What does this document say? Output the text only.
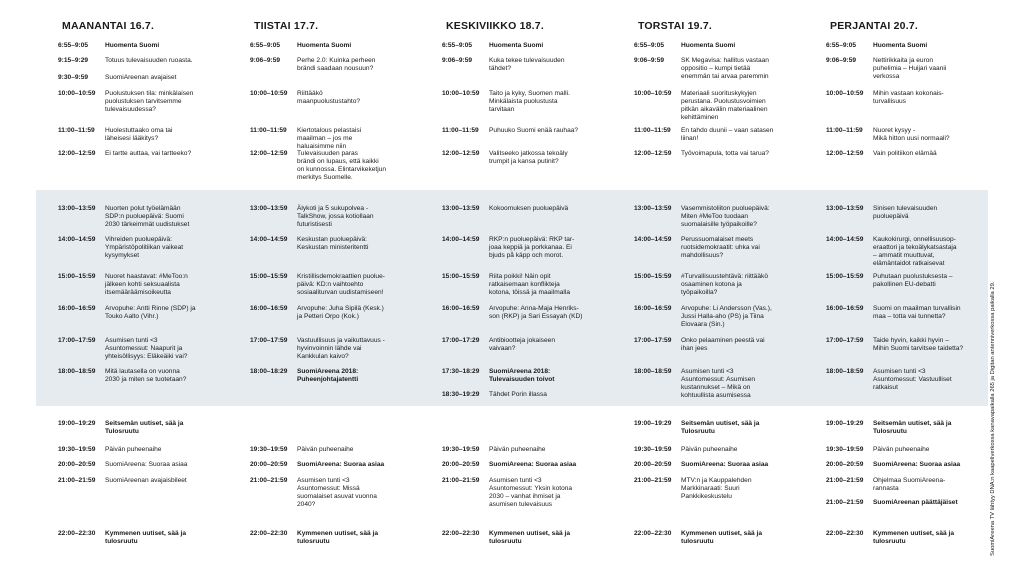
MAANANTAI 16.7.
6:55–9:05	Huomenta Suomi
9:15–9:29	Totuus tulevaisuuden ruoasta.
9:30–9:59	SuomiAreenan avajaiset
10:00–10:59 Puolustuksen tila: minkälaisen
puolustuksen tarvitsemme
tulevaisuudessa?
11:00–11:59 Huolestuttaako oma tai
läheisesi lääkitys?
12:00–12:59 Ei tartte auttaa, vai tartteeko?
13:00–13:59 Nuorten polut työelämään
SDP:n puoluepäivä: Suomi
2030 tärkeimmät uudistukset
14:00–14:59 Vihreiden puoluepäivä:
Ympäristöpolitiikan vaikeat
kysymykset
15:00–15:59 Nuoret haastavat: #MeToo:n
jälkeen kohti seksuaalista
itsemääräämisoikeutta
16:00–16:59 Arvopuhe: Antti Rinne (SDP) ja
Touko Aalto (Vihr.)
17:00–17:59 Asumisen tunti <3
Asuntomessut: Naapurit ja
yhteisöllisyys: Eläkeäiki vai?
18:00–18:59 Mitä lautasella on vuonna
2030 ja miten se tuotetaan?
19:00–19:29 Seitsemän uutiset, sää ja
Tulosruutu
19:30–19:59 Päivän puheenaihe
20:00–20:59 SuomiAreena: Suoraa asiaa
21:00–21:59 SuomiAreenan avajaisbileet
22:00–22:30 Kymmenen uutiset, sää ja
tulosruutu
TIISTAI 17.7.
6:55–9:05	Huomenta Suomi
9:06–9:59	Perhe 2.0: Kuinka perheen
brändi saadaan nousuun?
10:00–10:59 Riittääkö
maanpuolustustahto?
11:00–11:59 Kiertotalous pelastaisi
maailman – jos me
haluaisimme niin
12:00–12:59 Tulevaisuuden paras
brändi on lupaus, että kaikki
on kunnossa. Elintarvikeketjun
merkitys Suomelle.
13:00–13:59 Älykoti ja 5 sukupolvea -
TalkShow, jossa kotiollaan
futuristisesti
14:00–14:59 Keskustan puoluepäivä:
Keskustan ministeritentti
15:00–15:59 Kristillisdemokraattien puolue-
päivä: KD:n vaihtoehto
sosiaaliturvan uudistamiseen!
16:00–16:59 Arvopuhe: Juha Sipilä (Kesk.)
ja Petteri Orpo (Kok.)
17:00–17:59 Vastuullisuus ja vaikuttavuus -
hyvinvoinnin lähde vai
Kankkulan kaivo?
18:00–18:29 SuomiAreena 2018:
Puheenjohtajatentti
19:30–19:59 Päivän puheenaihe
20:00–20:59 SuomiAreena: Suoraa asiaa
21:00–21:59 Asumisen tunti <3
Asuntomessut: Missä
suomalaiset asuvat vuonna
2040?
22:00–22:30 Kymmenen uutiset, sää ja
tulosruutu
KESKIVIIKKO 18.7.
6:55–9:05	Huomenta Suomi
9:06–9:59	Kuka tekee tulevaisuuden
tähdet?
10:00–10:59 Taito ja kyky, Suomen malli.
Minkälaista puolustusta
tarvitaan
11:00–11:59 Puhuuko Suomi enää rauhaa?
12:00–12:59 Valitseeko jatkossa tekoäly
trumpit ja kansa putinit?
13:00–13:59 Kokoomuksen puoluepäivä
14:00–14:59 RKP:n puoluepäivä: RKP tar-
joaa keppiä ja porkkanaa. Ei
bjuds på käpp och morot.
15:00–15:59 Riita poikki! Näin opit
ratkaisemaan konflikteja
kotona, töissä ja maailmalla
16:00–16:59 Arvopuhe: Anna-Maja Henriks-
son (RKP) ja Sari Essayah (KD)
17:00–17:29 Antibiootteja jokaiseen
vaivaan?
17:30–18:29 SuomiAreena 2018:
Tulevaisuuden toivot
18:30–19:29 Tähdet Porin illassa
19:30–19:59 Päivän puheenaihe
20:00–20:59 SuomiAreena: Suoraa asiaa
21:00–21:59 Asumisen tunti <3
Asuntomessut: Yksin kotona
2030 – vanhat ihmiset ja
asumisen tulevaisuus
22:00–22:30 Kymmenen uutiset, sää ja
tulosruutu
TORSTAI 19.7.
6:55–9:05	Huomenta Suomi
9:06–9:59	SK Megavisa: hallitus vastaan
oppositio – kumpi tietää
enemmän tai arvaa paremmin
10:00–10:59 Materiaali suorituskykyjen
perustana. Puolustusvoimien
pitkän aikavälin materiaalinen
kehittäminen
11:00–11:59 En tahdo duunii – vaan satasen
liinan!
12:00–12:59 Työvoimapula, totta vai tarua?
13:00–13:59 Vasemmistoliiton puoluepäivä:
Miten #MeToo tuodaan
suomalaisille työpaikoille?
14:00–14:59 Perussuomalaiset meets
ruotsidemokraatit: uhka vai
mahdollisuus?
15:00–15:59 #Turvallisuustehtävä: riittääkö
osaaminen kotona ja
työpaikoilla?
16:00–16:59 Arvopuhe: Li Andersson (Vas.),
Jussi Halla-aho (PS) ja Tiina
Elovaara (Sin.)
17:00–17:59 Onko pelaaminen peestä vai
ihan jees
18:00–18:59 Asumisen tunti <3
Asuntomessut: Asumisen
kustannukset – Mikä on
kohtuullista asumisessa
19:00–19:29 Seitsemän uutiset, sää ja
Tulosruutu
19:30–19:59 Päivän puheenaihe
20:00–20:59 SuomiAreena: Suoraa asiaa
21:00–21:59 MTV:n ja Kauppalehden
Markkinaraati: Suuri
Pankkikeskustelu
22:00–22:30 Kymmenen uutiset, sää ja
tulosruutu
PERJANTAI 20.7.
6:55–9:05	Huomenta Suomi
9:06–9:59	Nettirikkaita ja euron
puhelimia – Huijari vaanii
verkossa
10:00–10:59 Mihin vastaan kokonais-
turvallisuus
11:00–11:59 Nuoret kysyy -
Mikä hitton uusi normaali?
12:00–12:59 Vain politiikon elämää
13:00–13:59 Sinisen tulevaisuuden
puoluepäivä
14:00–14:59 Kaukokirurgi, onnellisuusop-
eraattori ja tekoälykatsastaja
– ammatit muuttuvat,
elämäntaidot ratkaisevat
15:00–15:59 Puhutaan puolustuksesta –
pakollinen EU-debatti
16:00–16:59 Suomi on maailman turvallisin
maa – totta vai tunnetta?
17:00–17:59 Taide hyvin, kaikki hyvin –
Mihin Suomi tarvitsee taidetta?
18:00–18:59 Asumisen tunti <3
Asuntomessut: Vastuulliset
ratkaisut
19:00–19:29 Seitsemän uutiset, sää ja
Tulosruutu
19:30–19:59 Päivän puheenaihe
20:00–20:59 SuomiAreena: Suoraa asiaa
21:00–21:59 Ohjelmaa SuomiAreena-
rannasta
21:00–21:59 SuomiAreenan päättäjäiset
22:00–22:30 Kymmenen uutiset, sää ja
tulosruutu	SuomiAreena TV lähtyy DNA:n kaapeliverkossa kanavapaikalla 265 ja Digitan antenniverkossa paikalla 29.
